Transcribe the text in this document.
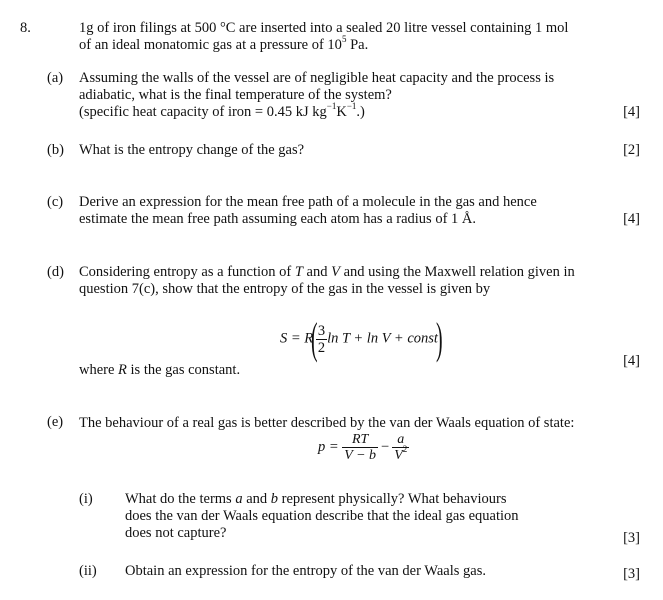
8.	1g of iron filings at 500 °C are inserted into a sealed 20 litre vessel containing 1 mol
of an ideal monatomic gas at a pressure of $10^5$ Pa.
(a) Assuming the walls of the vessel are of negligible heat capacity and the process is
adiabatic, what is the final temperature of the system?
(specific heat capacity of iron = 0.45 kJ $kg^{-1}K^{-1}$.)	[4]
(b) What is the entropy change of the gas?	[2]
(c) Derive an expression for the mean free path of a molecule in the gas and hence
estimate the mean free path assuming each atom has a radius of 1 Å.	[4]
(d) Considering entropy as a function of T and V and using the Maxwell relation given in
question 7(c), show that the entropy of the gas in the vessel is given by
S = R(
$\frac{3}{2}$ ln T + ln V + const)
where R is the gas constant.
[4]
(e) The behaviour of a real gas is better described by the van der Waals equation of state:
$p = \frac{RT}{V - b} - \frac{a}{V^2}$
(i) What do the terms a and b represent physically? What behaviours
does the van der Waals equation describe that the ideal gas equation
does not capture?	[3]
(ii) Obtain an expression for the entropy of the van der Waals gas.	[3]
